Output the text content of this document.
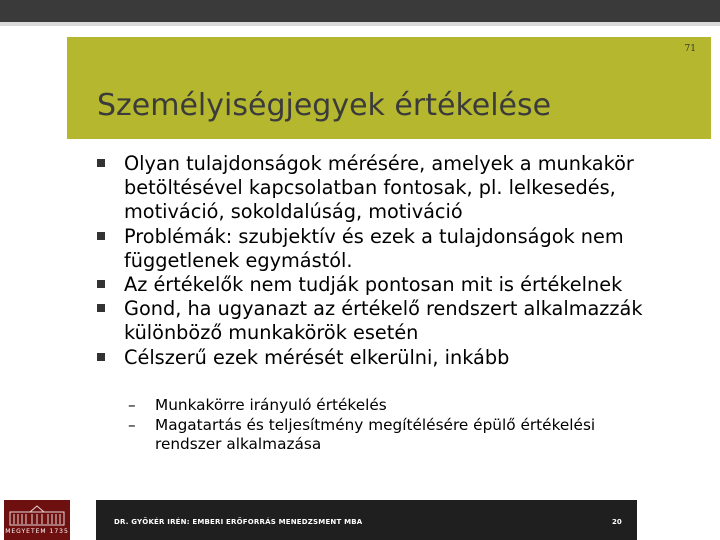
71
Személyiségjegyek értékelése
Olyan tulajdonságok mérésére, amelyek a munkakör betöltésével kapcsolatban fontosak, pl. lelkesedés, motiváció, sokoldalúság, motiváció
Problémák: szubjektív és ezek a tulajdonságok nem függetlenek egymástól.
Az értékelők nem tudják pontosan mit is értékelnek
Gond, ha ugyanazt az értékelő rendszert alkalmazzák különböző munkakörök esetén
Célszerű ezek mérését elkerülni, inkább
– Munkakörre irányuló értékelés
– Magatartás és teljesítmény megítélésére épülő értékelési rendszer alkalmazása
MEGYETEM 1735
DR. GYŐKÉR IRÉN: EMBERI ERŐFORRÁS MENEDZSMENT MBA	20
